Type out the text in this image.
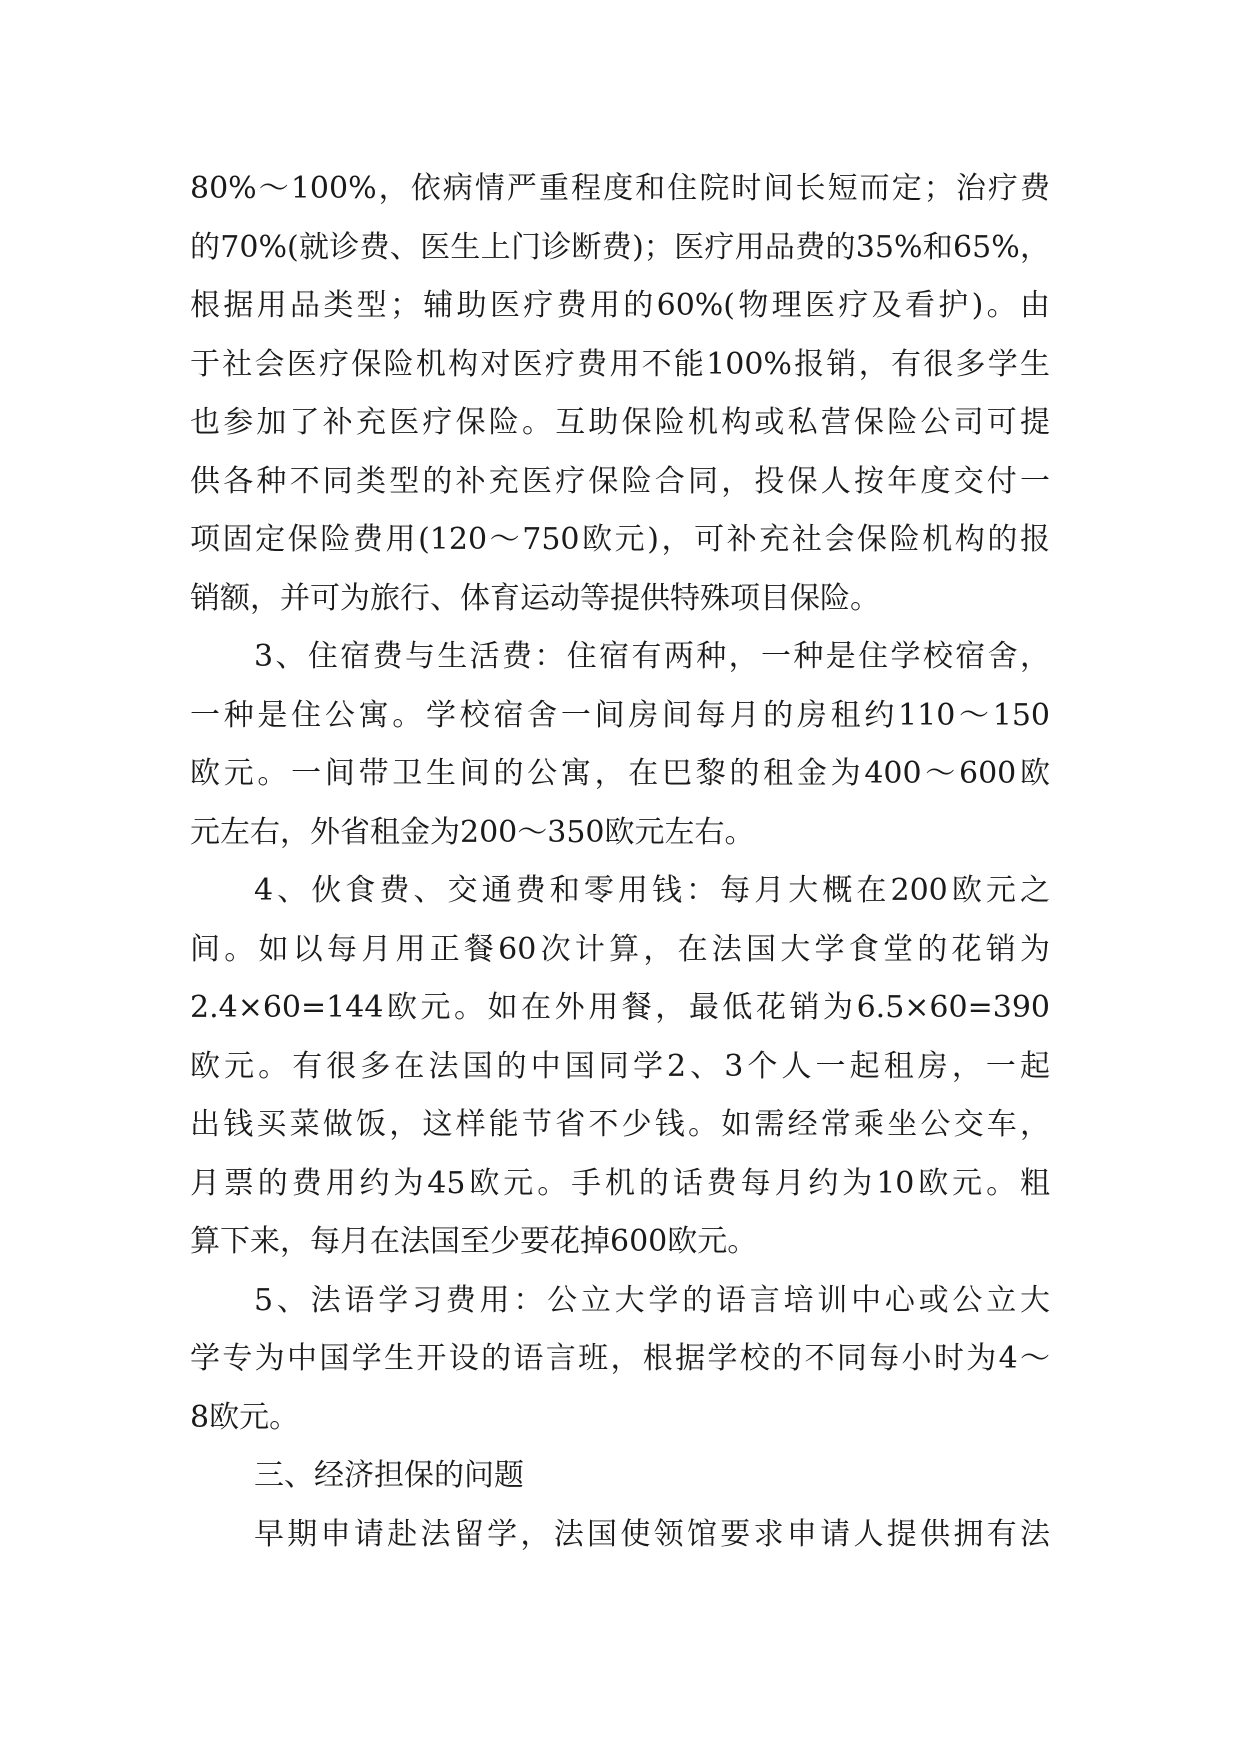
80%～100%，依病情严重程度和住院时间长短而定；治疗费
的70%(就诊费、医生上门诊断费)；医疗用品费的35%和65%，
根据用品类型；辅助医疗费用的60%(物理医疗及看护)。由
于社会医疗保险机构对医疗费用不能100%报销，有很多学生
也参加了补充医疗保险。互助保险机构或私营保险公司可提
供各种不同类型的补充医疗保险合同，投保人按年度交付一
项固定保险费用(120～750欧元)，可补充社会保险机构的报
销额，并可为旅行、体育运动等提供特殊项目保险。
3、住宿费与生活费：住宿有两种，一种是住学校宿舍，
一种是住公寓。学校宿舍一间房间每月的房租约110～150
欧元。一间带卫生间的公寓，在巴黎的租金为400～600欧
元左右，外省租金为200～350欧元左右。
4、伙食费、交通费和零用钱：每月大概在200欧元之
间。如以每月用正餐60次计算，在法国大学食堂的花销为
2.4×60=144欧元。如在外用餐，最低花销为6.5×60=390
欧元。有很多在法国的中国同学2、3个人一起租房，一起
出钱买菜做饭，这样能节省不少钱。如需经常乘坐公交车，
月票的费用约为45欧元。手机的话费每月约为10欧元。粗
算下来，每月在法国至少要花掉600欧元。
5、法语学习费用：公立大学的语言培训中心或公立大
学专为中国学生开设的语言班，根据学校的不同每小时为4～
8欧元。
三、经济担保的问题
早期申请赴法留学，法国使领馆要求申请人提供拥有法
